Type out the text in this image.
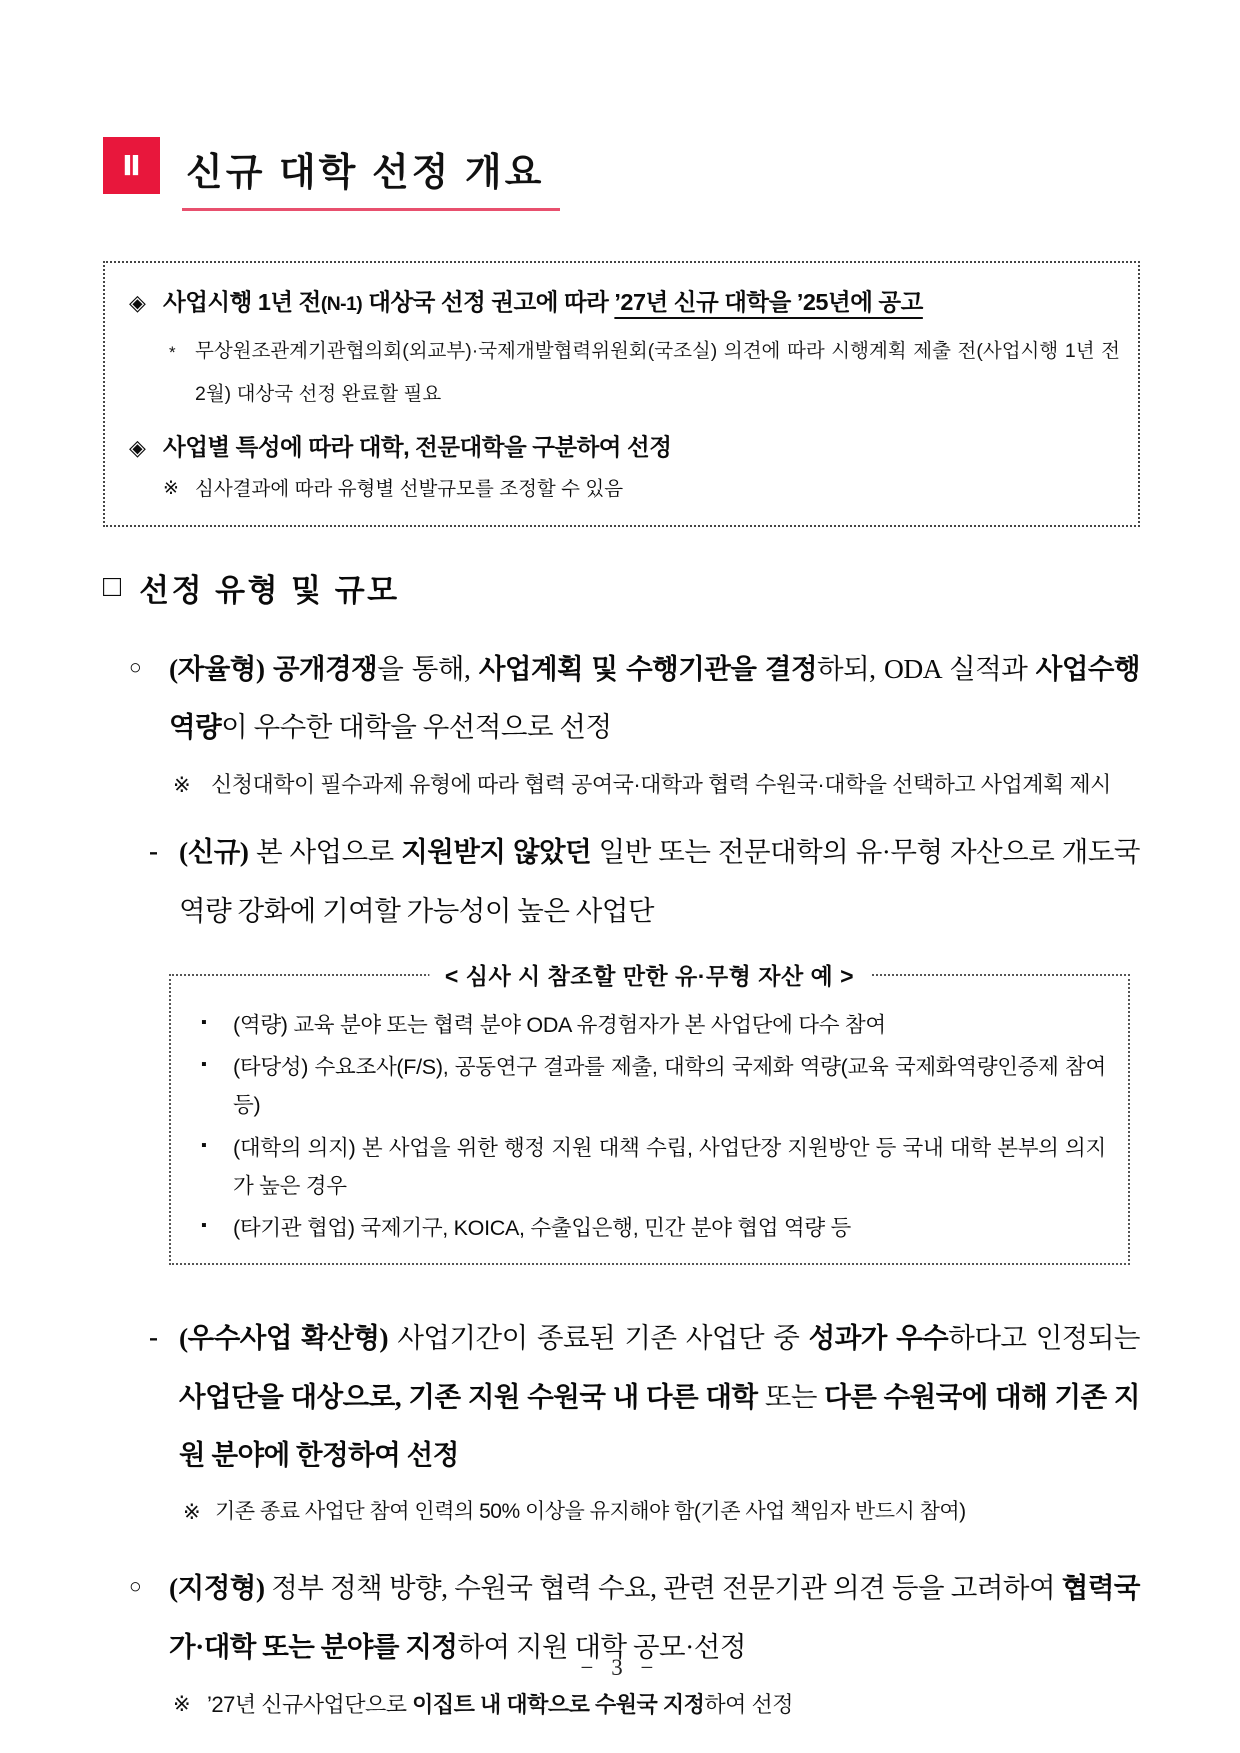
Ⅱ	신규 대학 선정 개요
◈ 사업시행 1년 전(N-1) 대상국 선정 권고에 따라 ’27년 신규 대학을 ’25년에 공고
* 무상원조관계기관협의회(외교부)·국제개발협력위원회(국조실) 의견에 따라 시행계획 제출 전(사업시행 1년 전 2월) 대상국 선정 완료할 필요
◈ 사업별 특성에 따라 대학, 전문대학을 구분하여 선정
※ 심사결과에 따라 유형별 선발규모를 조정할 수 있음
□ 선정 유형 및 규모
○ (자율형) 공개경쟁을 통해, 사업계획 및 수행기관을 결정하되, ODA 실적과 사업수행 역량이 우수한 대학을 우선적으로 선정
※ 신청대학이 필수과제 유형에 따라 협력 공여국·대학과 협력 수원국·대학을 선택하고 사업계획 제시
- (신규) 본 사업으로 지원받지 않았던 일반 또는 전문대학의 유·무형 자산으로 개도국 역량 강화에 기여할 가능성이 높은 사업단
< 심사 시 참조할 만한 유·무형 자산 예 >
▪ (역량) 교육 분야 또는 협력 분야 ODA 유경험자가 본 사업단에 다수 참여
▪ (타당성) 수요조사(F/S), 공동연구 결과를 제출, 대학의 국제화 역량(교육 국제화역량인증제 참여 등)
▪ (대학의 의지) 본 사업을 위한 행정 지원 대책 수립, 사업단장 지원방안 등 국내 대학 본부의 의지가 높은 경우
▪ (타기관 협업) 국제기구, KOICA, 수출입은행, 민간 분야 협업 역량 등
- (우수사업 확산형) 사업기간이 종료된 기존 사업단 중 성과가 우수하다고 인정되는 사업단을 대상으로, 기존 지원 수원국 내 다른 대학 또는 다른 수원국에 대해 기존 지원 분야에 한정하여 선정
※ 기존 종료 사업단 참여 인력의 50% 이상을 유지해야 함(기존 사업 책임자 반드시 참여)
○ (지정형) 정부 정책 방향, 수원국 협력 수요, 관련 전문기관 의견 등을 고려하여 협력국가·대학 또는 분야를 지정하여 지원 대학 공모·선정
※ ’27년 신규사업단으로 이집트 내 대학으로 수원국 지정하여 선정
− 3 −
